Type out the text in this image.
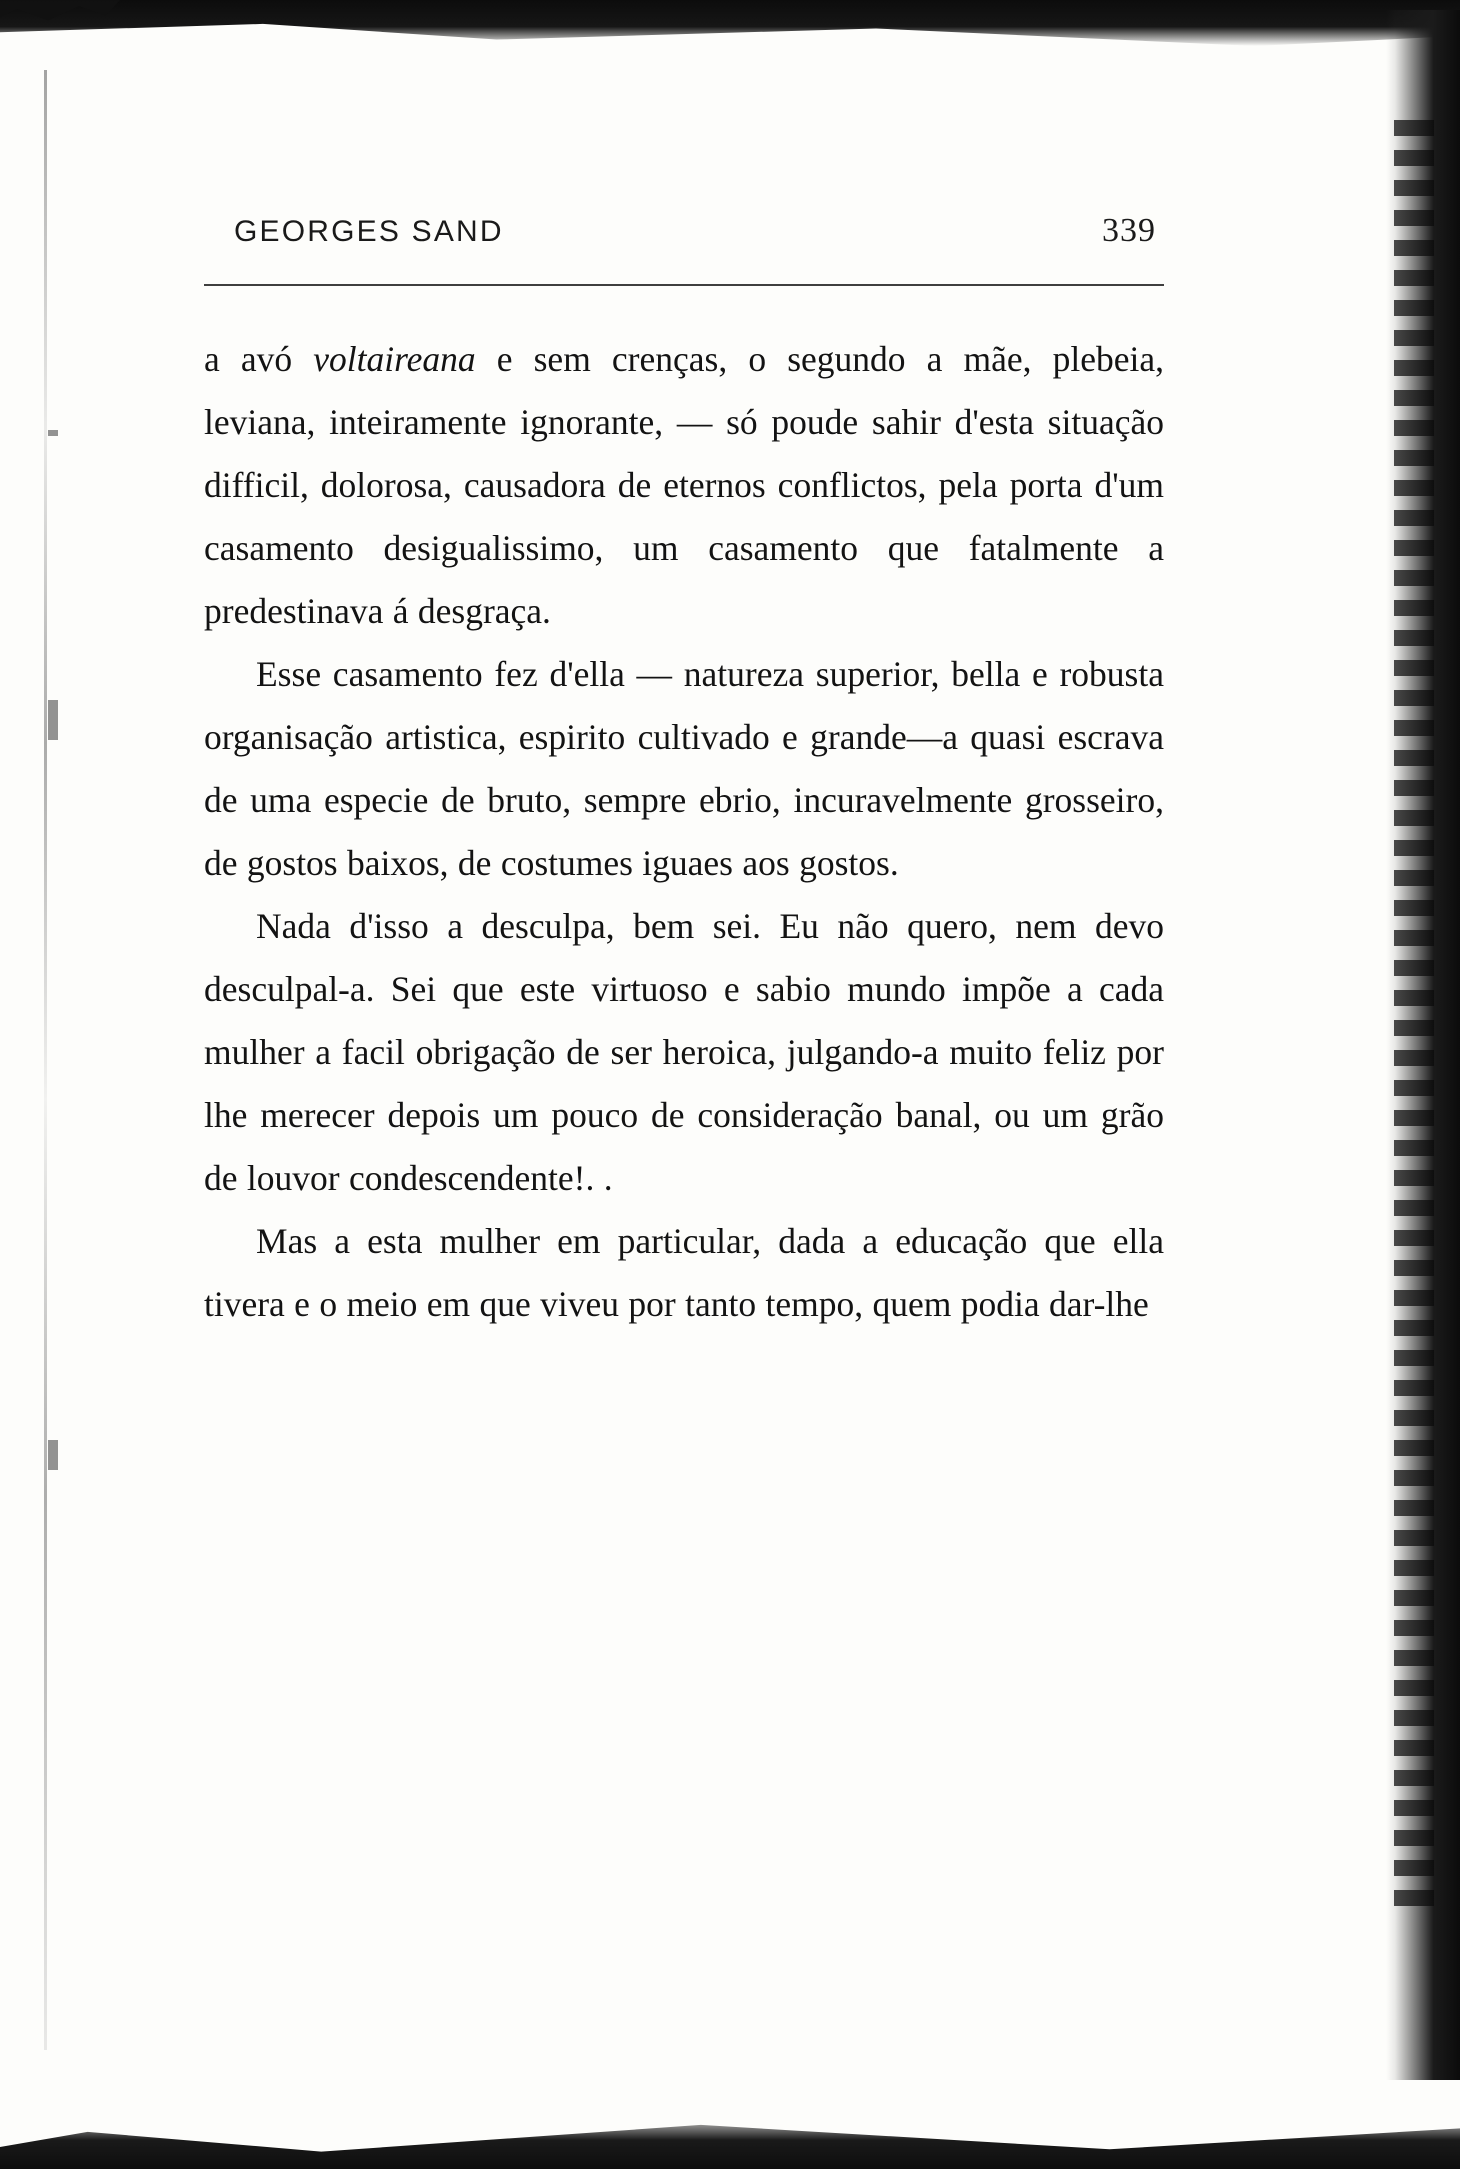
GEORGES SAND	339

a avó voltaireana e sem crenças, o segundo a mãe, plebeia, leviana, inteiramente ignorante, — só poude sahir d'esta situação difficil, dolorosa, causadora de eternos conflictos, pela porta d'um casamento desigualissimo, um casamento que fatalmente a predestinava á desgraça.

Esse casamento fez d'ella — natureza superior, bella e robusta organisação artistica, espirito cultivado e grande—a quasi escrava de uma especie de bruto, sempre ebrio, incuravelmente grosseiro, de gostos baixos, de costumes iguaes aos gostos.

Nada d'isso a desculpa, bem sei. Eu não quero, nem devo desculpal-a. Sei que este virtuoso e sabio mundo impõe a cada mulher a facil obrigação de ser heroica, julgando-a muito feliz por lhe merecer depois um pouco de consideração banal, ou um grão de louvor condescendente!. .

Mas a esta mulher em particular, dada a educação que ella tivera e o meio em que viveu por tanto tempo, quem podia dar-lhe
